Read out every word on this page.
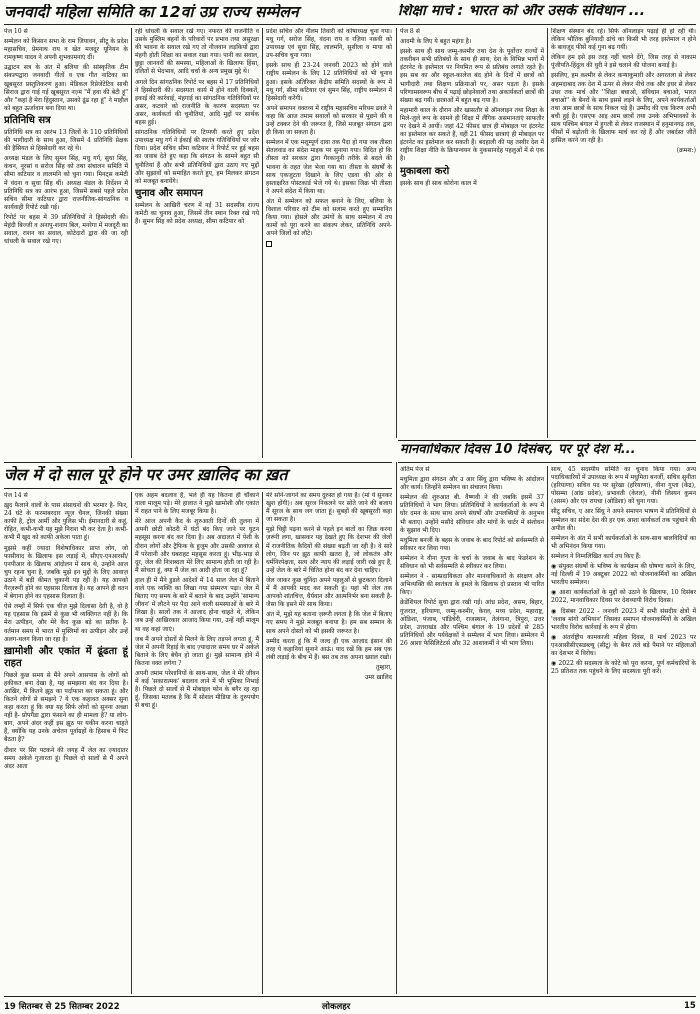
जनवादी महिला समिति का 12वां उप्र राज्य सम्मेलन	शिक्षा मार्च : भारत को और उसके संविधान ...

पेज 10 से

सम्मेलन को किसान सभा के राम जियावन, सीटू के प्रदेश महासचिव, प्रेमनाथ राय व खेत मजदूर यूनियन के रामकृष्ण यादव ने अपनी शुभकामनाएं दीं।

उद्घाटन सत्र के अंत में बलिया की सांस्कृतिक टीम संकल्पद्वारा जनवादी गीतों व एक गीत नाटिका का खूबसूरत प्रस्तुतिकरण हुआ। मेडिकल रिप्रेजेंटेटिव साथी सिराज द्वारा गाई गई खूबसूरत नज़्म "मैं हवा की बेटी हूं" और "कहां है मेरा हिंदुस्तान, उसको ढूंढ रहा हूं" ने माहौल को बहुत ऊर्जावान बना दिया था।

प्रतिनिधि सत्र

प्रतिनिधि सत्र का आरंभ 13 जिलों के 110 प्रतिनिधियों की भागीदारी के साथ हुआ, जिसमें 4 प्रतिनिधि प्रेक्षक की हैसियत से हिस्सेदारी कर रहे थे।

अध्यक्ष मंडल के लिए सुमन सिंह, मधु गर्ग, सुधा सिंह, कंचन, नूरसां व सरोज सिंह को तथा संचालन समिति में सीमा कटियार व लालमनि को चुना गया। मिनट्स कमेटी में वंदना व सुधा सिंह थीं। अध्यक्ष मंडल के निर्देशन में प्रतिनिधि सत्र का आरंभ हुआ, जिसमें सबसे पहले प्रदेश सचिव सीमा कटियार द्वारा राजनीतिक-सांगठनिक व कार्यवाही रिपोर्ट रखी गई।

रिपोर्ट पर बहस में 39 प्रतिनिधियों ने हिस्सेदारी की। मेहंदी बिज्जी व अनापु-शनाप बिल, मनरेगा में मजदूरी का सवाल, राशन का सवाल, कोटेदारों द्वारा की जा रही धांधली के सवाल रखे गए।

रही धांधली के सवाल रखे गए। नफरत की राजनीति व उसके मुस्लिम बहनों के परिवारों पर प्रभाव तथा असुरक्षा की भावना के सवाल रखे गए तो नौजवान लड़कियों द्वारा मंहगी होती शिक्षा का सवाल रखा गया। पानी का सवाल, छुट्टा जानवरों की समस्या, महिलाओं के खिलाफ हिंसा, दलितों से भेदभाव, आदि चर्चा के अन्य प्रमुख मुद्दे थे।

अगले दिन सांगठनिक रिपोर्ट पर बहस में 17 प्रतिनिधियों ने हिस्सेदारी की। सदस्यता कार्य में होने वाली दिक्कतें, इकाई की कार्रवाई, मंहगाई का सांगठनिक गतिविधियों पर असर, कटवारे को राजनीति के कारण सदस्यता पर असर, कार्यकर्ता की चुनौतियां, आदि मुद्दों पर सार्थक बहस हुई।

सांगठनिक गतिविधियों पर टिप्पणी करते हुए प्रदेश उपाध्यक्ष मधु गर्ग ने ईकाई की स्वतंत्र गतिविधियों पर जोर दिया। प्रदेश सचिव सीमा कटियार ने रिपोर्ट पर हुई बहस का जवाब देते हुए कहा कि संगठन के सामने बहुत सी चुनौतियां हैं और सभी प्रतिनिधियों द्वारा उठाए गए मुद्दों और सुझावों को समाहित करते हुए, हम मिलकर संगठन को मजबूत बनायेंगे।

चुनाव और समापन

सम्मेलन के आखिरी चरण में नई 31 सदस्यीय राज्य कमेटी का चुनाव हुआ, जिसमें तीन स्थान रिक्त रखे गये हैं। सुमन सिंह को प्रदेश अध्यक्ष, सीमा कटियार को

प्रदेश सचिव और नीलम तिवारी को कोषाध्यक्ष चुना गया। मधु गर्ग, सरोज सिंह, वंदना राय व रज़िया नक़वी को उपाध्यक्ष एवं सुधा सिंह, लालमनि, सुशीला व माया को उप-सचिव चुना गया।

इसके साथ ही 23-24 जनवरी 2023 को होने वाले राष्ट्रीय सम्मेलन के लिए 12 प्रतिनिधियों को भी चुनाव हुआ। इसके अतिरिक्त केंद्रीय समिति सदस्यों के रूप में मधु गर्ग, सीमा कटियार एवं सुमन सिंह, राष्ट्रीय सम्मेलन में हिस्सेदारी करेंगी।

अपने समापन वक्तव्य में राष्ट्रीय महासचिव मरियम ढवले ने कहा कि आज तमाम सवालों को सरकार से पूछने की व उन्हें टक्कर देने की जरूरत है, जिसे मजबूत संगठन द्वारा ही किया जा सकता है।

सम्मेलन में एक मशूम्पूर्ण दावा तक पैदा हो गया जब तीस्ता सेतलवाड का संदेश माइक पर सुनाया गया। विदित हो कि तीस्ता को सरकार द्वारा गैरकानूनी तरीके से बदले की भावना के तहत जेल भेजा गया था। तीस्ता के संघर्षों के साथ एकजुटता दिखाने के लिए एडवा की ओर से हस्ताक्षरित पोस्टकार्ड भेजे गये थे। इसका जिक्र भी तीस्ता ने अपने संदेश में किया था।

अंत में सम्मेलन को सफल बनाने के लिए, बलिया के विशाल परिवार को टीम को सलाम करते हुए सम्मानित किया गया। होसले और उमंगों के साथ सम्मेलन में तय कामों को पूरा करने का संकल्प लेकर, प्रतिनिधि अपने-अपने जिलों को लौटे।

पेज 8 से

आदमी के लिए ये बहुत महंगा है।

इसके साथ ही साथ जम्मू-कश्मीर तथा देश के पूर्वोत्तर राज्यों में तकरीबन सभी प्रतिबंधों के साथ ही साथ, देश के विभिन्न भागों में इंटरनेट के इस्तेमाल पर नियमित रूप से प्रतिबंध लगाते रहते हैं। इस सब का और स्कूल-कालेज बंद होने के दिनों में छात्रों को भागीदारी तथा शिक्षण प्रक्रियाओं पर, असर पड़ता है। इसके परिणामस्वरूप बीच में पढ़ाई छोड़नेवालों तथा अकार्यकर्ता छात्रों की संख्या बढ़ गयी। छात्राओं में बहुत बढ़ गया है।

महामारी काल के दौरान और खासतौर से ऑनलाइन तथा शिक्षा के मिले-जुले रूप के सामने ही शिक्षा में लैंगिक असमानताएं साफतौर पर देखने में आयीं। जहां 42 फीसद छात्र ही मोबाइल पर इंटरनेट का इस्तेमाल कर सकते हैं, वहीं 21 फीसद छात्राएं ही मोबाइल पर इंटरनेट का इस्तेमाल कर सकती हैं। बदहाली की यह तस्वीर देश में राष्ट्रीय शिक्षा नीति के क्रियान्वयन के नुकसानदेह पहलुओं में से एक है।

मुकाबला करो

इसके साथ ही साथ कोरोना काल में

शिक्षण संस्थान बंद रहे। सिर्फ ऑनलाइन पढ़ाई ही हो रही थी। लेकिन भौतिक बुनियादी ढांचे का किसी भी तरह इस्तेमाल न होने के बावजूद फीसें कई गुना बढ़ गयीं।

लेकिन हम इसे इस तरह नहीं चलने देंगे, जिस तरह से नाकाम पूंजीपति-हिंदुत्व की धुरी ने इसे चलाने की योजना बनाई है।

इसलिए, हम कश्मीर से लेकर कन्याकुमारी और अगरतला से लेकर अहमदाबाद तक देश में ऊपर से लेकर नीचे तक और इधर से लेकर उधर तक मार्च और ''शिक्षा बचाओ, संविधान बचाओ, भारत बचाओ'' के बैनरों के साथ इससे लड़ने के लिए, अपने कार्यकर्ताओं तथा आम छात्रों के साथ निकल पड़े हैं। उम्मीद की एक किरण अभी बची हुई है। एसएफ आइ आम छात्रों तथा उनके अभिभावकों के साथ पश्चिम बंगाल में हुगली से लेकर राजस्थान में हनुमानगढ़ तक, फीसों में बढ़ोतरी के खिलाफ मार्च कर रहे हैं और जबर्दस्त जीतें हासिल करने जा रही है।

(क्रमश:)

मानवाधिकार दिवस 10 दिसंबर, पर पूरे देश में...
जेल में दो साल पूरे होने पर उमर ख़ालिद का ख़त

पेज 14 से

ख़ुद फैलाने वालों के पास संसाधनों की भरमार है- फिर, 24 घंटे के फरमाबरदार न्यूज़ चैनल, जिनकी संख्या काफी है, ट्रोल आर्मी और पुलिस भी। ईमानदारी से कहूं, रोहित, कभी-कभी यह मुझे निराश भी कर देता है। कभी-कभी मैं खुद को काफी अकेला पाता हूं।

मुझसे कहीं ज्यादा विशेषाधिकार प्राप्त लोग, जो फासीवाद के खिलाफ इस लड़ाई में, सीएए-एनआरसी/एनपीआर के खिलाफ आंदोलन में साथ थे, उन्होंने आज चुप रहना चुना है, जबकि मुझे इन मुद्दों के लिए आवाज़ उठाने में बड़ी कीमत चुकानी पड़ रही है। यह आपको गैरज़रूरी होने का एहसास दिलाता है। यह आपने ही वतन में बेगाना होने का एहसास दिलाता है।

ऐसे लम्हों में सिर्फ एक चीज़ मुझे दिलासा देती है, वो है यह एहसास कि इसमें से कुछ भी व्यक्तिगत नहीं है। कि मेरा उत्पीड़न, और मेरे कैद कुछ बड़े का प्रतीक है- वर्तमान समय में भारत में मुस्लिमों का उत्पीड़न और उन्हें अलग-थलग किया जा रहा है।

ख़ामोशी और एकांत में ढूंढता हूं राहत

पिछले कुछ समय से मैंने अपने आसपास के लोगों को हकीकत बना देखा है, यह समझाना बंद कर दिया है। आखिर, मैं कितने झूठ का पर्दाफाश कर सकता हूं। और कितने लोगों से समझने ? ये एक कहावत अक्सर सुना कहा करता हूं कि क्या यह सिर्फ लोगों को सुनना अच्छा नहीं है- प्रोपगैंडा द्वारा फंसाने का ही मामला है? या लोग-बाग, अपने अंदर कहीं इस झूठ पर यकीन करना चाहते हैं, क्योंकि यह उनके अचेतन पूर्वाग्रहों के हिसाब में फिट बैठता है?

दीवार पर सिर पटकने की जगह मैं जेल का ज़्यादातर समय अकेले गुजारता हूं। पिछले दो सालों से मैं अपने अंदर आता

एक अहम बदलाव है, भले ही यह कितना ही चौंकाने वाला मालूम पड़े। मेरे हालात ने मुझे खामोशी और एकांत में राहत पाने के लिए मजबूर किया है।

मेरे आज अपनी कैद के शुरुआती दिनों की तुलना में अपनी छोटी कोठरी में घंटों बंद किए जाने पर घुटन महसूस करना बंद कर दिया है। अब अदालत में पेशी के दौरान लोगों और ट्रैफिक के हुजूम और उसकी आवाज से मैं परेशानी और घबराहट महसूस करता हूं। भीड़-भाड़ से दूर, जेल की निःशब्दता मेरे लिए सामान्य होती जा रही है। मैं सोचता हूं, क्या मैं जेल का आदी होता जा रहा हूं?

हाल ही में मैंने डुडले आदेशों में 14 साल जेल में बिताने वाले एक व्यक्ति का लिखा गया संस्मरण पढ़ा। जेल में बिताए गए समय के बारे में बताने के बाद उन्होंने 'सामान्य जीवन' में लौटने पर पैदा आने वाली समस्याओं के बारे में लिखा है। सालों तक ने आजाद होना चाहते थे, लेकिन जब उन्हें आखिरकार आजाद किया गया, उन्हें नहीं मालूम था वह कहां जाएं।

जब मैं अपने दोस्तों से मिलने के लिए तड़पने लगता हूं, मैं जेल में अपनी रिहाई के बाद ज़्यादातर समय घर में अकेले बिताने के लिए बेचैन हो जाता हूं। मुझे सामान्य होने में कितना वक्त लगेगा ?

अपनी तमाम परेशानियों के साथ-साथ, जेल ने मेरे जीवन में कई 'सकारात्मक' बदलाव लाने में भी भूमिका निभाई है। पिछले दो सालों से मैं मोबाइल फोन के बगैर रह रहा हूं, जिसका मतलब है कि मैं सोशल मीडिया के दुरुपयोग से बचा हूं।

मेरे सोने-जागने का समय दुरुस्त हो गया है। (मां ये सुनकर खुश होंगी)। अब सूरज निकलने पर सोते जाने की बजाय मैं सूरज के साथ जग जाता हूं। सुबहों की खूबसूरती कहा जा सकता है।

मुझे चिट्ठी पढ़ना करने से पहले इन बातों का ज़िक्र करना ज़रूरी लगा, खासकर यह देखते हुए कि देशभर की जेलों में राजनीतिक कैदियों की संख्या बढ़ती जा रही है। वे सारे लोग, जिन पर झूठ काफी खतरा है, जो लोकतंत्र और धर्मनिरपेक्षता, सत्य और न्याय की लड़ाई जारी रखे हुए हैं, उन्हें जेल के बारे में चिंतित होना बंद कर देना चाहिए।

जेल जाकर कुछ चुनिंदा अपने पहलुओं से छुटकारा दिलाने में मैं आपकी मदद कर सकती हूं। यहां भी जेल तक आपको शांतचित्त, धैर्यवान और आत्मनिर्भर बना सकती है- जैसा कि इसने मेरे साथ किया।

अंत में, मुझे यह बताना ज़रूरी लगता है कि जेल में बिताए गए समय ने मुझे मजबूत बनाया है। हम सब सम्मान के साथ अपने दोस्तों को भी इसकी जरूरत है।

उम्मीद करता हूं कि मैं जल्द ही एक आज़ाद इंसान की तरह ये कहानियां सुनाने आऊं। याद रखें कि हम सब एक लंबी लड़ाई के बीच में हैं। बस तब तक अपना ख्याल रखो।

तुम्हारा,

उमर ख़ालिद

अंतिम पेज से

मधुमिता द्वारा संगठन और उ आर सिंधु द्वारा भविष्य के आंदोलन और कार्य। जिन्होंने सम्मेलन का संचालन किया।

सम्मेलन की शुरुआत बी. वैष्णवी ने की जबकि इसमें 37 प्रतिनिधियों ने भाग लिया। प्रतिनिधियों ने कार्यकर्ताओं के रूप में घोर दमन के साथ साथ अपने संघर्षों और उपलब्धियों के अनुभव भी बताए। उन्होंने मसौदे संविधान और मांगों के चार्टर में संशोधन के सुझाव भी दिए।

मधुमिता बनर्जी के बहस के जवाब के बाद रिपोर्ट को सर्वसम्मति से स्वीकार कर लिया गया।

सम्मेलन ने वीना गुप्ता के चर्चा के जवाब के बाद फेडरेशन के संविधान को भी सर्वसम्मति से स्वीकार कर लिया।

सम्मेलन ने - साम्प्रदायिकता और मानवाधिकारों के संरक्षण और अभिव्यक्ति की स्वतंत्रता के हमले के खिलाफ दो प्रस्ताव भी पारित किए।

क्रेडेंशियल रिपोर्ट सुधा द्वारा रखी गई। आंध्र प्रदेश, असम, बिहार, गुजरात, हरियाणा, जम्मू-कश्मीर, केरल, मध्य प्रदेश, महाराष्ट्र, ओडिशा, पंजाब, पांडिचेरी, राजस्थान, तेलंगाना, त्रिपुरा, उत्तर प्रदेश, उत्तराखंड और पश्चिम बंगाल के 19 प्रदेशों से 285 प्रतिनिधियों और पर्यवेक्षकों ने सम्मेलन में भाग लिया। सम्मेलन में 26 आशा फेसिलिटेटर्स और 32 आशाकर्मी ने भी भाग लिया।

साथ, 45 सदस्यीय समिति का चुनाव किया गया। अन्य पदाधिकारियों में उपाध्यक्ष के रूप में मधुमिता बनर्जी, सचिव सुनीता (हरियाणा) सचिव पद पर सुरेखा (हरियाणा), वीना गुप्ता (केंद्र), पोसम्मा (आंध्र प्रदेश), प्रभावती (केरल), नीनी लिस्यन कुमन (असम) और एन रायचा (ओडिशा) को चुना गया।

सीटू सचिव, ए आर सिंधु ने अपने समापन भाषण में प्रतिनिधियों से सम्मेलन का संदेश देश की हर एक आशा कार्यकर्ता तक पहुंचाने की अपील की।

सम्मेलन के अंत में सभी कार्यकर्ताओं के साथ-साथ बालविदियों का भी अभिनंदन किया गया।

सम्मेलन ने निम्नलिखित कार्य तय किए हैं:

◉ संयुक्त संघर्षों के भविष्य के कार्यक्रम की घोषणा करने के लिए, नई दिल्ली में 19 अक्टूबर 2022 को योजनाकर्मियों का अखिल भारतीय सम्मेलन।

◉ आशा कार्यकर्ताओं के मुद्दों को उठाने के खिलाफ, 10 दिसंबर 2022, मानवाधिकार दिवस पर देशव्यापी विरोध दिवस।

◉ दिसंबर 2022 - जनवरी 2023 में सभी संसदीय क्षेत्रों में 'जवाब मांगो अभियान' जिसका समापन योजनाकर्मियों के अखिल भारतीय विरोध कार्रवाई के रूप में होगा।

◉ अंतर्राष्ट्रीय कामकाजी महिला दिवस, 8 मार्च 2023 पर एनआसीसीएसडब्ल्यू (सीटू) के बैनर तले बड़े पैमाने पर महिलाओं का देशभर में विरोध।

◉ 2022 की सदस्यता के कोटे को पूरा करना, पूर्ण कर्मचारियों के 25 प्रतिशत तक पहुंचने के लिए सदस्यता पूरी करें।

19 सितम्बर से 25 सितम्बर 2022	लोकलहर	15
